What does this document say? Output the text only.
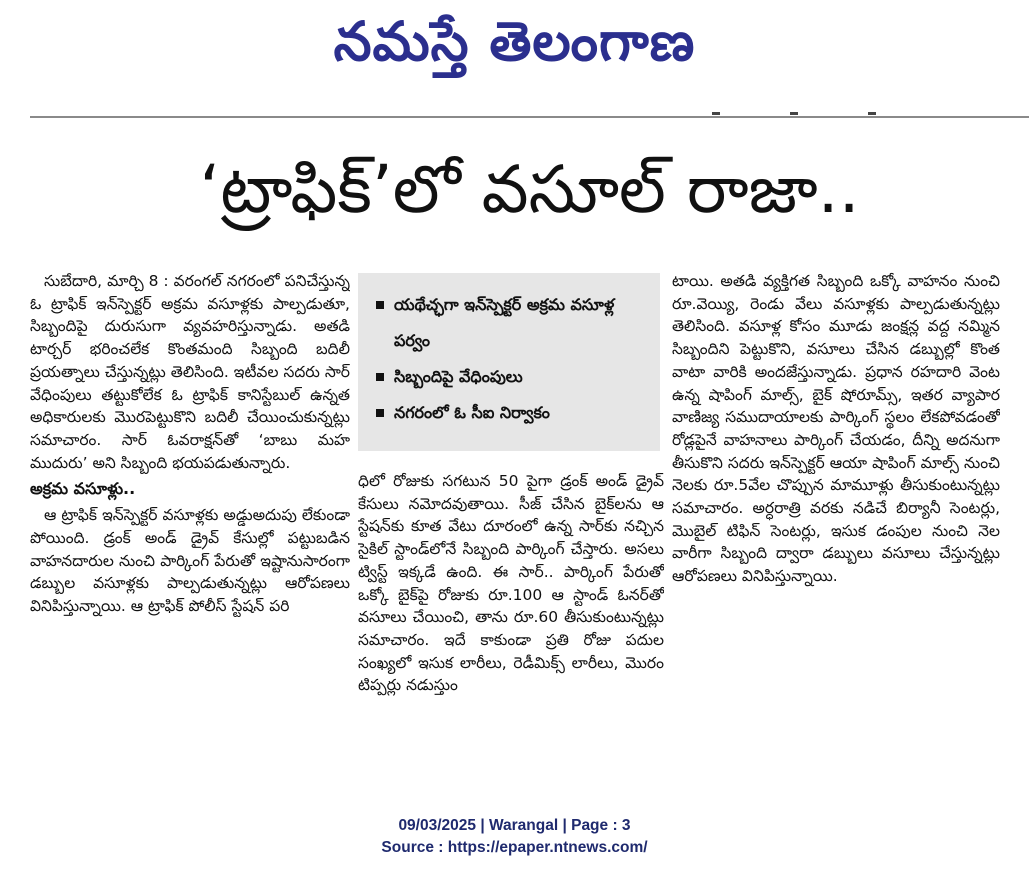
నమస్తే తెలంగాణ
‘ట్రాఫిక్’లో వసూల్ రాజా..

సుబేదారి, మార్చి 8 : వరంగల్ నగరంలో పనిచేస్తున్న ఓ ట్రాఫిక్ ఇన్‌స్పెక్టర్ అక్రమ వసూళ్లకు పాల్పడుతూ, సిబ్బందిపై దురుసుగా వ్యవహరిస్తున్నాడు. అతడి టార్చర్ భరించలేక కొంతమంది సిబ్బంది బదిలీ ప్రయత్నాలు చేస్తున్నట్లు తెలిసింది. ఇటీవల సదరు సార్ వేధింపులు తట్టుకోలేక ఓ ట్రాఫిక్ కానిస్టేబుల్ ఉన్నత అధికారులకు మొరపెట్టుకొని బదిలీ చేయించుకున్నట్లు సమాచారం. సార్ ఓవరాక్షన్‌తో ‘బాబు మహ ముదురు’ అని సిబ్బంది భయపడుతున్నారు.

అక్రమ వసూళ్లు..

ఆ ట్రాఫిక్ ఇన్‌స్పెక్టర్ వసూళ్లకు అడ్డుఅదుపు లేకుండా పోయింది. డ్రంక్ అండ్ డ్రైవ్ కేసుల్లో పట్టుబడిన వాహనదారుల నుంచి పార్కింగ్ పేరుతో ఇష్టానుసారంగా డబ్బుల వసూళ్లకు పాల్పడుతున్నట్లు ఆరోపణలు వినిపిస్తున్నాయి. ఆ ట్రాఫిక్ పోలీస్ స్టేషన్ పరి

యథేచ్ఛగా ఇన్‌స్పెక్టర్ అక్రమ వసూళ్ల పర్వం
సిబ్బందిపై వేధింపులు
నగరంలో ఓ సీఐ నిర్వాకం

ధిలో రోజుకు సగటున 50 పైగా డ్రంక్ అండ్ డ్రైవ్ కేసులు నమోదవుతాయి. సీజ్ చేసిన బైక్‌లను ఆ స్టేషన్‌కు కూత వేటు దూరంలో ఉన్న సార్‌కు నచ్చిన సైకిల్ స్టాండ్‌లోనే సిబ్బంది పార్కింగ్ చేస్తారు. అసలు ట్విస్ట్ ఇక్కడే ఉంది. ఈ సార్.. పార్కింగ్ పేరుతో ఒక్కో బైక్‌పై రోజుకు రూ.100 ఆ స్టాండ్ ఓనర్‌తో వసూలు చేయించి, తాను రూ.60 తీసుకుంటున్నట్లు సమాచారం. ఇదే కాకుండా ప్రతి రోజు పదుల సంఖ్యలో ఇసుక లారీలు, రెడీమిక్స్ లారీలు, మొరం టిప్పర్లు నడుస్తుం

టాయి. అతడి వ్యక్తిగత సిబ్బంది ఒక్కో వాహనం నుంచి రూ.వెయ్యి, రెండు వేలు వసూళ్లకు పాల్పడుతున్నట్లు తెలిసింది. వసూళ్ల కోసం మూడు జంక్షన్ల వద్ద నమ్మిన సిబ్బందిని పెట్టుకొని, వసూలు చేసిన డబ్బుల్లో కొంత వాటా వారికి అందజేస్తున్నాడు. ప్రధాన రహదారి వెంట ఉన్న షాపింగ్ మాల్స్, బైక్ షోరూమ్స్, ఇతర వ్యాపార వాణిజ్య సముదాయాలకు పార్కింగ్ స్థలం లేకపోవడంతో రోడ్లపైనే వాహనాలు పార్కింగ్ చేయడం, దీన్ని అదనుగా తీసుకొని సదరు ఇన్‌స్పెక్టర్ ఆయా షాపింగ్ మాల్స్ నుంచి నెలకు రూ.5వేల చొప్పున మామూళ్లు తీసుకుంటున్నట్లు సమాచారం. అర్ధరాత్రి వరకు నడిచే బిర్యానీ సెంటర్లు, మొబైల్ టిఫిన్ సెంటర్లు, ఇసుక డంపుల నుంచి నెల వారీగా సిబ్బంది ద్వారా డబ్బులు వసూలు చేస్తున్నట్లు ఆరోపణలు వినిపిస్తున్నాయి.

09/03/2025 | Warangal | Page : 3
Source : https://epaper.ntnews.com/
